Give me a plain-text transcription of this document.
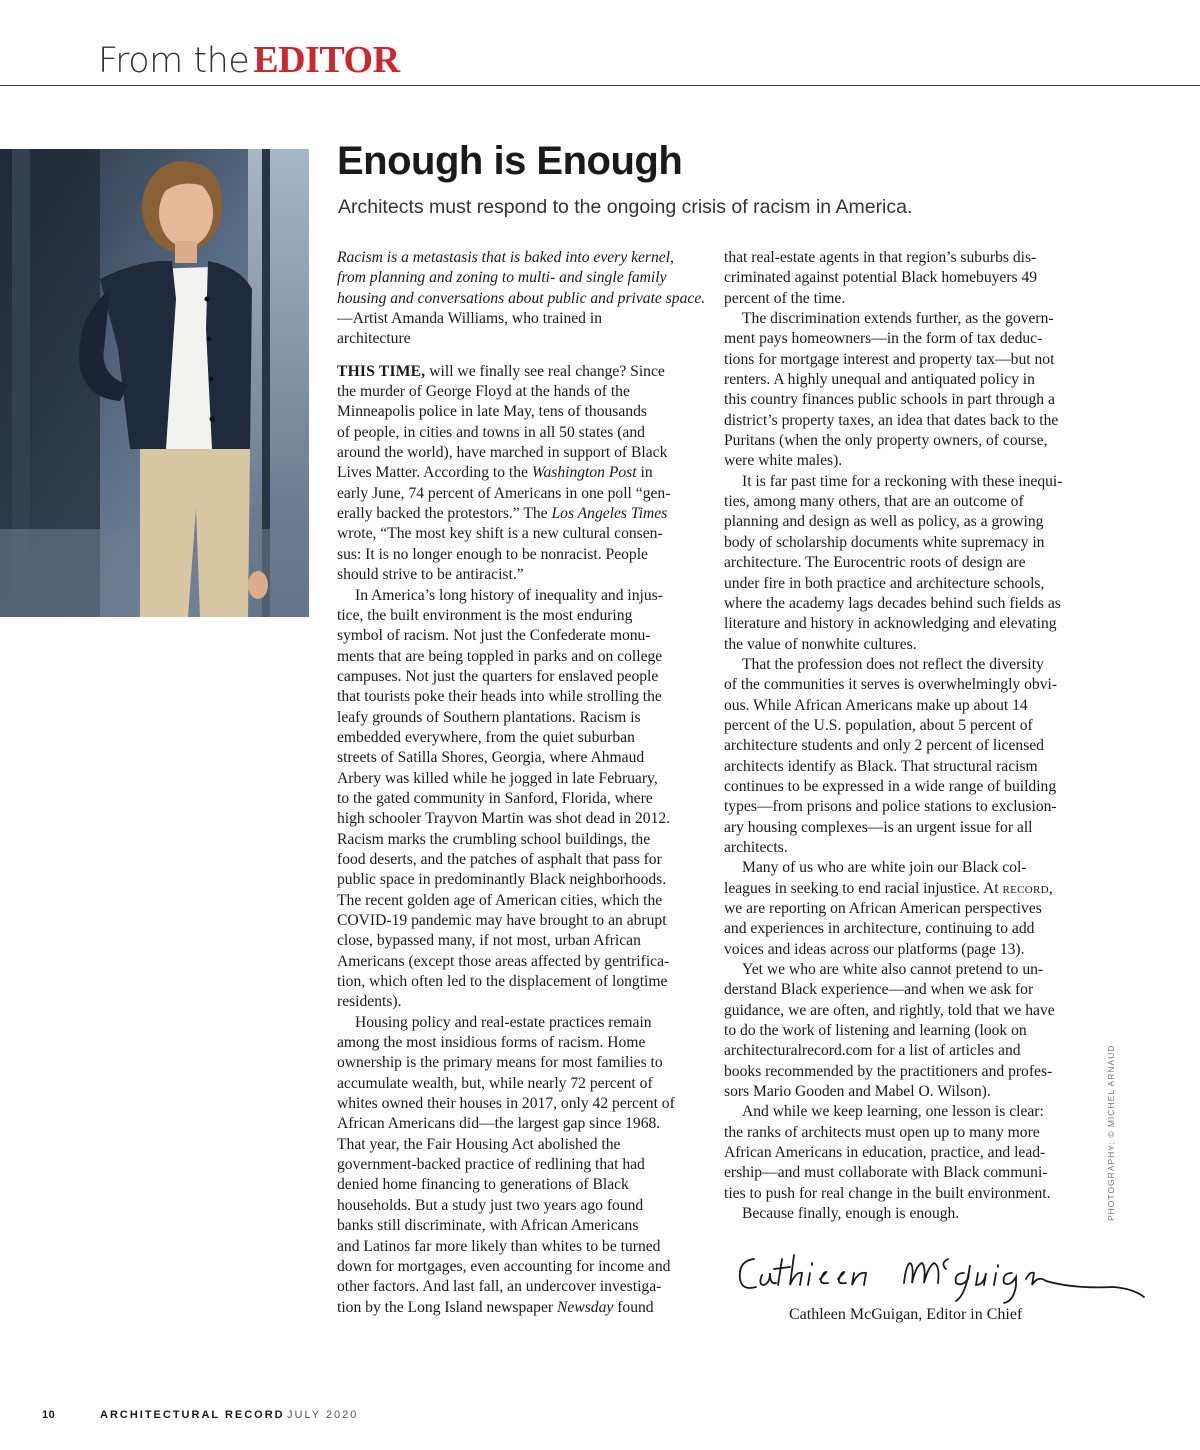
From the EDITOR
Enough is Enough
Architects must respond to the ongoing crisis of racism in America.
Racism is a metastasis that is baked into every kernel,
from planning and zoning to multi- and single family
housing and conversations about public and private space.
—Artist Amanda Williams, who trained in
architecture
THIS TIME, will we finally see real change? Since
the murder of George Floyd at the hands of the
Minneapolis police in late May, tens of thousands
of people, in cities and towns in all 50 states (and
around the world), have marched in support of Black
Lives Matter. According to the Washington Post in
early June, 74 percent of Americans in one poll “gen-
erally backed the protestors.” The Los Angeles Times
wrote, “The most key shift is a new cultural consen-
sus: It is no longer enough to be nonracist. People
should strive to be antiracist.”
In America’s long history of inequality and injus-
tice, the built environment is the most enduring
symbol of racism. Not just the Confederate monu-
ments that are being toppled in parks and on college
campuses. Not just the quarters for enslaved people
that tourists poke their heads into while strolling the
leafy grounds of Southern plantations. Racism is
embedded everywhere, from the quiet suburban
streets of Satilla Shores, Georgia, where Ahmaud
Arbery was killed while he jogged in late February,
to the gated community in Sanford, Florida, where
high schooler Trayvon Martin was shot dead in 2012.
Racism marks the crumbling school buildings, the
food deserts, and the patches of asphalt that pass for
public space in predominantly Black neighborhoods.
The recent golden age of American cities, which the
COVID-19 pandemic may have brought to an abrupt
close, bypassed many, if not most, urban African
Americans (except those areas affected by gentrifica-
tion, which often led to the displacement of longtime
residents).
Housing policy and real-estate practices remain
among the most insidious forms of racism. Home
ownership is the primary means for most families to
accumulate wealth, but, while nearly 72 percent of
whites owned their houses in 2017, only 42 percent of
African Americans did—the largest gap since 1968.
That year, the Fair Housing Act abolished the
government-backed practice of redlining that had
denied home financing to generations of Black
households. But a study just two years ago found
banks still discriminate, with African Americans
and Latinos far more likely than whites to be turned
down for mortgages, even accounting for income and
other factors. And last fall, an undercover investiga-
tion by the Long Island newspaper Newsday found
that real-estate agents in that region’s suburbs dis-
criminated against potential Black homebuyers 49
percent of the time.
The discrimination extends further, as the govern-
ment pays homeowners—in the form of tax deduc-
tions for mortgage interest and property tax—but not
renters. A highly unequal and antiquated policy in
this country finances public schools in part through a
district’s property taxes, an idea that dates back to the
Puritans (when the only property owners, of course,
were white males).
It is far past time for a reckoning with these inequi-
ties, among many others, that are an outcome of
planning and design as well as policy, as a growing
body of scholarship documents white supremacy in
architecture. The Eurocentric roots of design are
under fire in both practice and architecture schools,
where the academy lags decades behind such fields as
literature and history in acknowledging and elevating
the value of nonwhite cultures.
That the profession does not reflect the diversity
of the communities it serves is overwhelmingly obvi-
ous. While African Americans make up about 14
percent of the U.S. population, about 5 percent of
architecture students and only 2 percent of licensed
architects identify as Black. That structural racism
continues to be expressed in a wide range of building
types—from prisons and police stations to exclusion-
ary housing complexes—is an urgent issue for all
architects.
Many of us who are white join our Black col-
leagues in seeking to end racial injustice. At record,
we are reporting on African American perspectives
and experiences in architecture, continuing to add
voices and ideas across our platforms (page 13).
Yet we who are white also cannot pretend to un-
derstand Black experience—and when we ask for
guidance, we are often, and rightly, told that we have
to do the work of listening and learning (look on
architecturalrecord.com for a list of articles and
books recommended by the practitioners and profes-
sors Mario Gooden and Mabel O. Wilson).
And while we keep learning, one lesson is clear:
the ranks of architects must open up to many more
African Americans in education, practice, and lead-
ership—and must collaborate with Black communi-
ties to push for real change in the built environment.
Because finally, enough is enough.
Cathleen McGuigan, Editor in Chief
PHOTOGRAPHY: © MICHEL ARNAUD
10	ARCHITECTURAL RECORD JULY 2020
